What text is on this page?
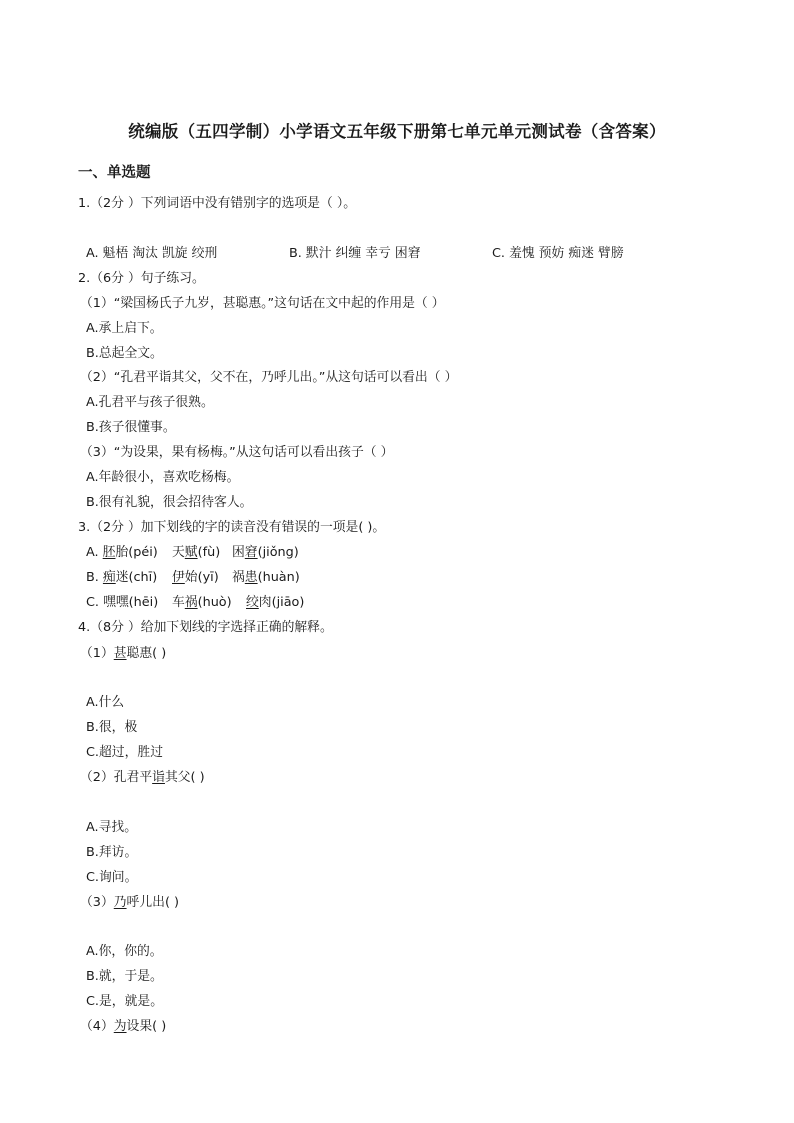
统编版（五四学制）小学语文五年级下册第七单元单元测试卷（含答案）
一、单选题
1.（2分 ）下列词语中没有错别字的选项是（ ）。
A. 魁梧 淘汰 凯旋 绞刑	B. 默汁 纠缠 幸亏 困窘	C. 羞愧 预妨 痴迷 臂膀
2.（6分 ）句子练习。
（1）“梁国杨氏子九岁，甚聪惠。”这句话在文中起的作用是（ ）
A.承上启下。
B.总起全文。
（2）“孔君平诣其父，父不在，乃呼儿出。”从这句话可以看出（ ）
A.孔君平与孩子很熟。
B.孩子很懂事。
（3）“为设果，果有杨梅。”从这句话可以看出孩子（ ）
A.年龄很小，喜欢吃杨梅。
B.很有礼貌，很会招待客人。
3.（2分 ）加下划线的字的读音没有错误的一项是( )。
A. 胚胎(péi) 天赋(fù) 困窘(jiǒng)
B. 痴迷(chī) 伊始(yī) 祸患(huàn)
C. 嘿嘿(hēi) 车祸(huò) 绞肉(jiāo)
4.（8分 ）给加下划线的字选择正确的解释。
（1）甚聪惠( )
A.什么
B.很，极
C.超过，胜过
（2）孔君平诣其父( )
A.寻找。
B.拜访。
C.询问。
（3）乃呼儿出( )
A.你，你的。
B.就，于是。
C.是，就是。
（4）为设果( )
